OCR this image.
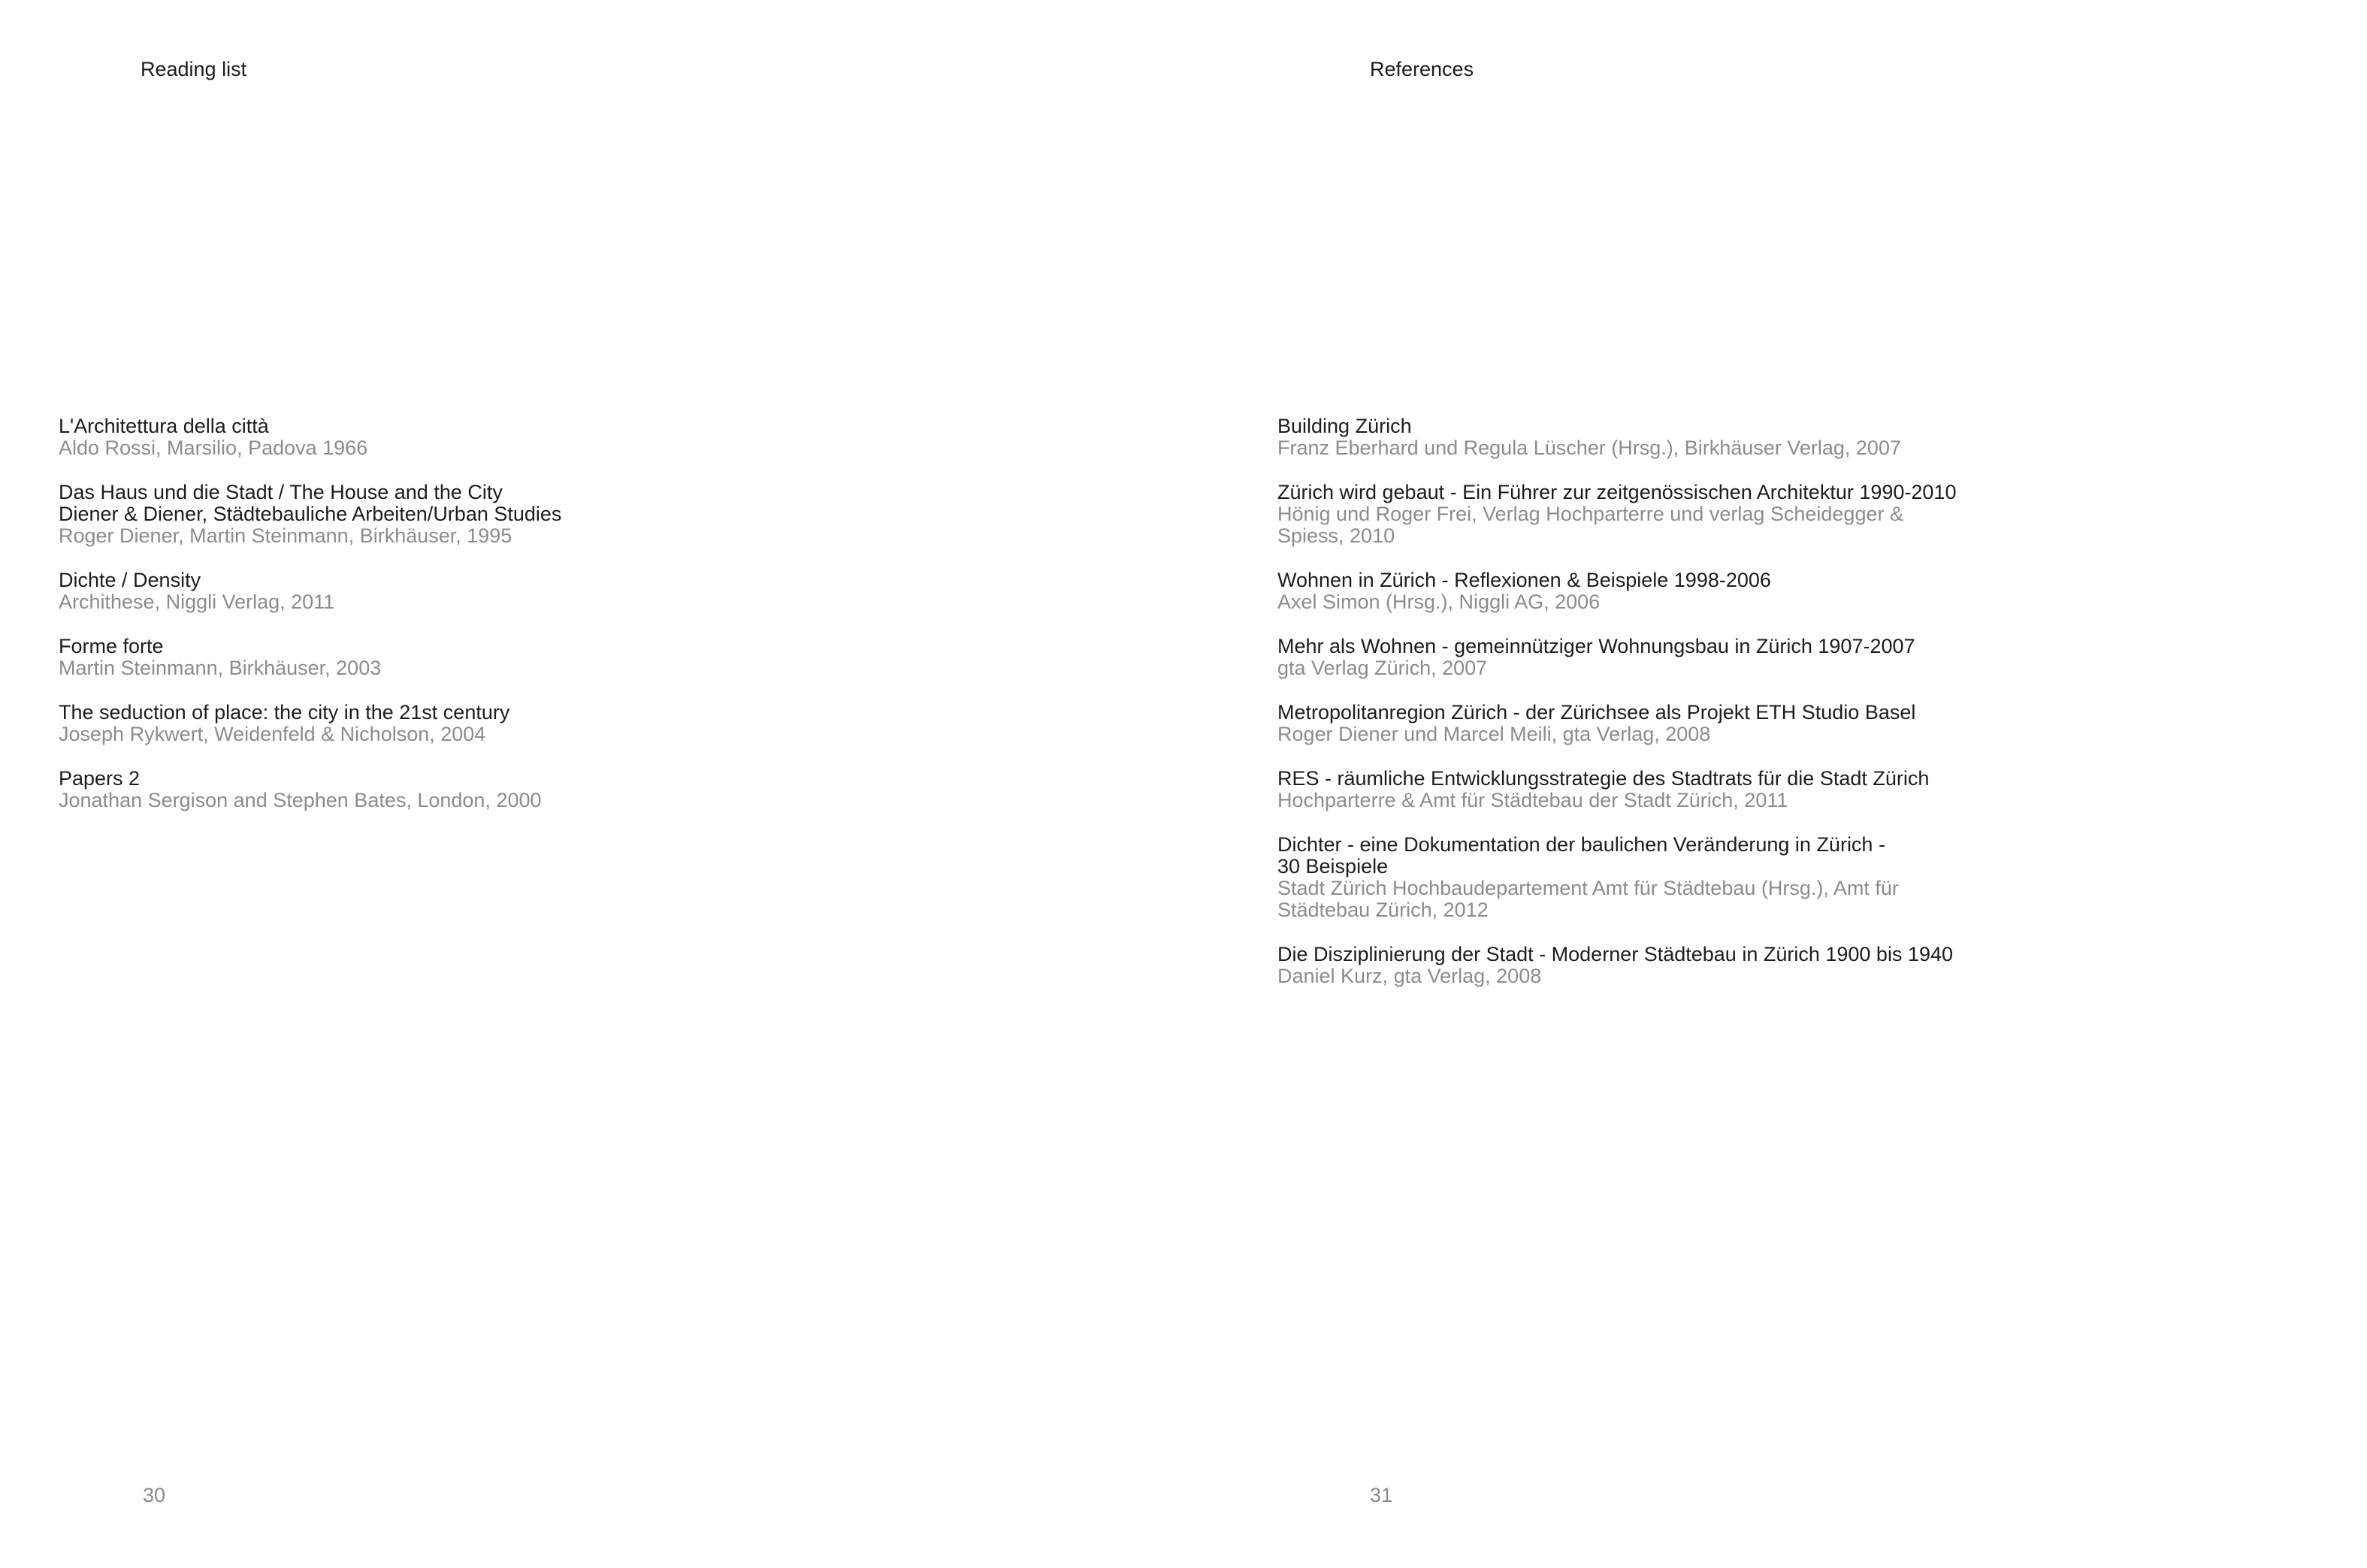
Reading list
L'Architettura della città
Aldo Rossi, Marsilio, Padova 1966
Das Haus und die Stadt / The House and the City
Diener & Diener, Städtebauliche Arbeiten/Urban Studies
Roger Diener, Martin Steinmann, Birkhäuser, 1995
Dichte / Density
Archithese, Niggli Verlag, 2011
Forme forte
Martin Steinmann, Birkhäuser, 2003
The seduction of place: the city in the 21st century
Joseph Rykwert, Weidenfeld & Nicholson, 2004
Papers 2
Jonathan Sergison and Stephen Bates, London, 2000
30
References
Building Zürich
Franz Eberhard und Regula Lüscher (Hrsg.), Birkhäuser Verlag, 2007
Zürich wird gebaut - Ein Führer zur zeitgenössischen Architektur 1990-2010
Hönig und Roger Frei, Verlag Hochparterre und verlag Scheidegger &
Spiess, 2010
Wohnen in Zürich - Reflexionen & Beispiele 1998-2006
Axel Simon (Hrsg.), Niggli AG, 2006
Mehr als Wohnen - gemeinnütziger Wohnungsbau in Zürich 1907-2007
gta Verlag Zürich, 2007
Metropolitanregion Zürich - der Zürichsee als Projekt ETH Studio Basel
Roger Diener und Marcel Meili, gta Verlag, 2008
RES - räumliche Entwicklungsstrategie des Stadtrats für die Stadt Zürich
Hochparterre & Amt für Städtebau der Stadt Zürich, 2011
Dichter - eine Dokumentation der baulichen Veränderung in Zürich -
30 Beispiele
Stadt Zürich Hochbaudepartement Amt für Städtebau (Hrsg.), Amt für
Städtebau Zürich, 2012
Die Disziplinierung der Stadt - Moderner Städtebau in Zürich 1900 bis 1940
Daniel Kurz, gta Verlag, 2008
31
